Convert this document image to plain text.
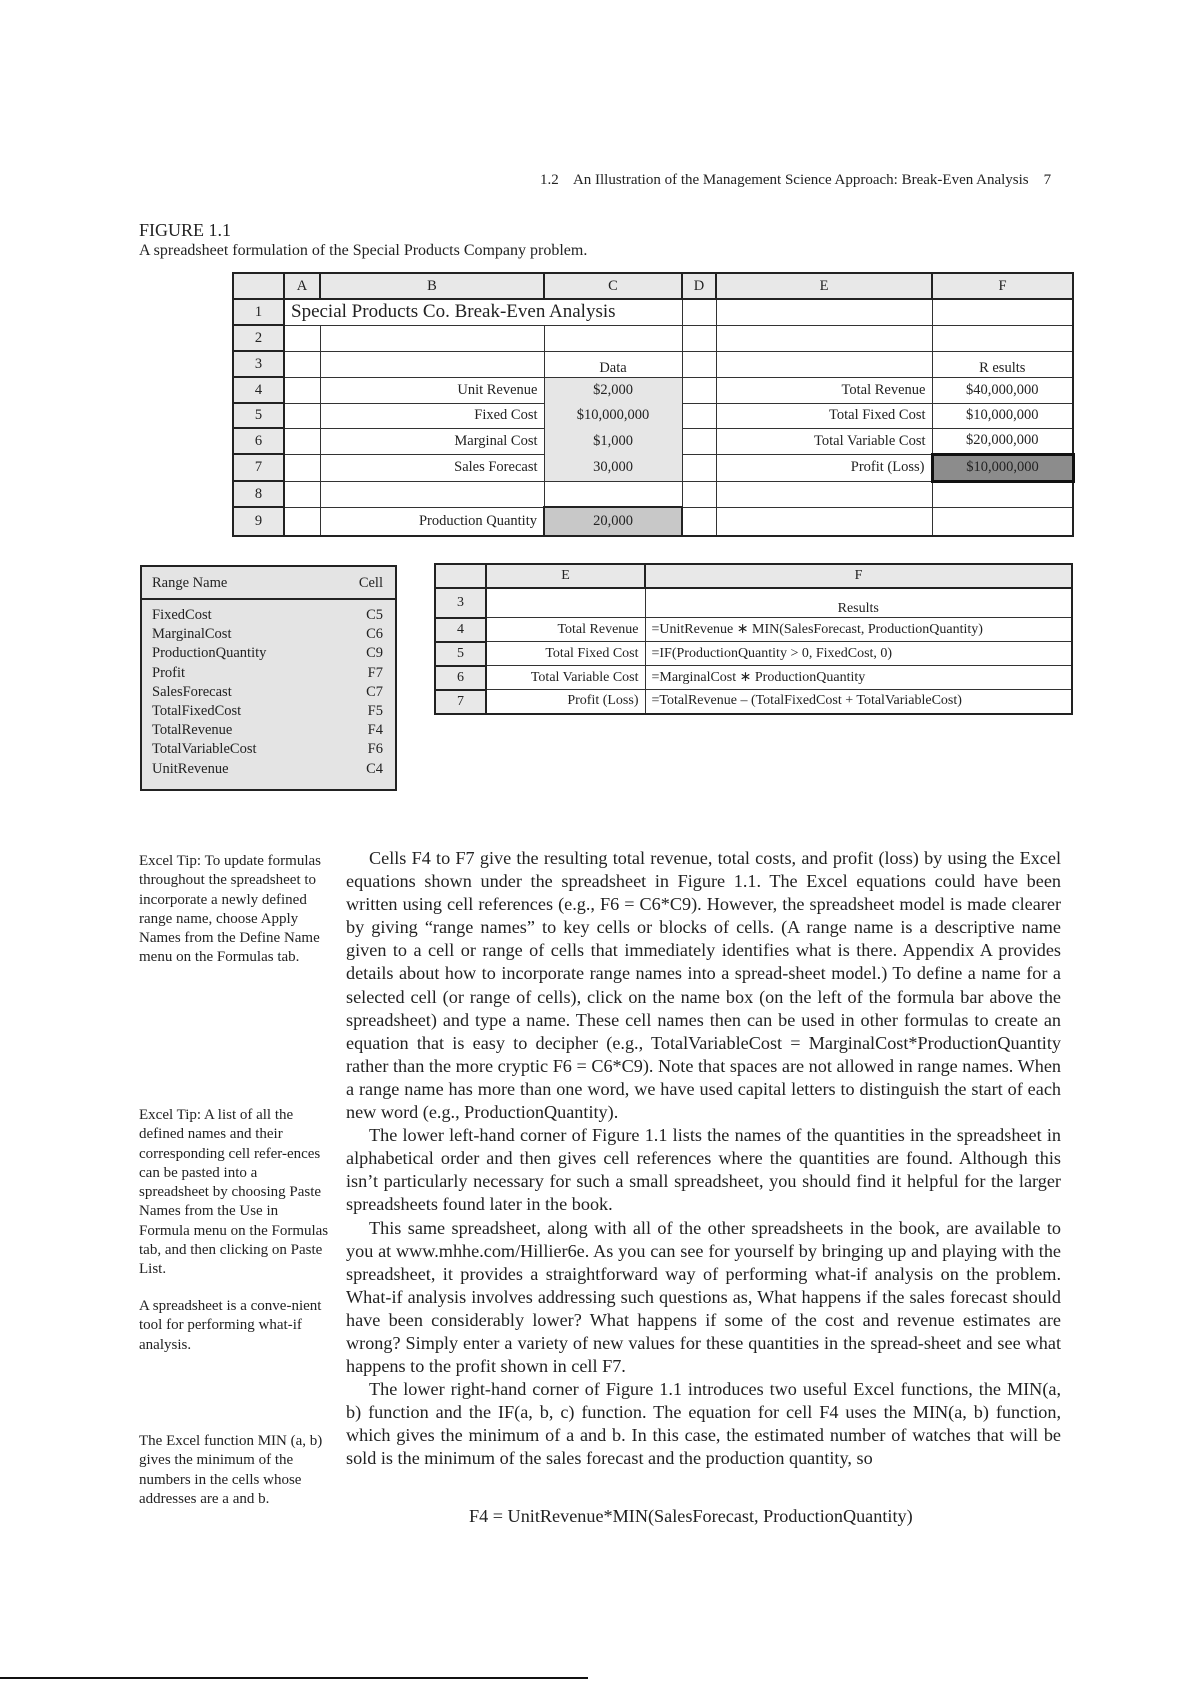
1.2 An Illustration of the Management Science Approach: Break-Even Analysis 7
FIGURE 1.1
A spreadsheet formulation of the Special Products Company problem.
	A	B	C	D	E	F
1	Special Products Co. Break-Even Analysis					
2						
3			Data			R esults
4		Unit Revenue	$2,000		Total Revenue	$40,000,000
5		Fixed Cost	$10,000,000		Total Fixed Cost	$10,000,000
6		Marginal Cost	$1,000		Total Variable Cost	$20,000,000
7		Sales Forecast	30,000		Profit (Loss)	$10,000,000
8						
9		Production Quantity	20,000			
Range Name	Cell
FixedCost	C5
MarginalCost	C6
ProductionQuantity	C9
Profit	F7
SalesForecast	C7
TotalFixedCost	F5
TotalRevenue	F4
TotalVariableCost	F6
UnitRevenue	C4
	E	F
3		Results
4	Total Revenue	=UnitRevenue ∗ MIN(SalesForecast, ProductionQuantity)
5	Total Fixed Cost	=IF(ProductionQuantity > 0, FixedCost, 0)
6	Total Variable Cost	=MarginalCost ∗ ProductionQuantity
7	Profit (Loss)	=TotalRevenue – (TotalFixedCost + TotalVariableCost)
Excel Tip: To update formulas throughout the spreadsheet to incorporate a newly defined range name, choose Apply Names from the Define Name menu on the Formulas tab.
Excel Tip: A list of all the defined names and their corresponding cell refer-ences can be pasted into a spreadsheet by choosing Paste Names from the Use in Formula menu on the Formulas tab, and then clicking on Paste List.
A spreadsheet is a conve-nient tool for performing what-if analysis.
The Excel function MIN (a, b) gives the minimum of the numbers in the cells whose addresses are a and b.

Cells F4 to F7 give the resulting total revenue, total costs, and profit (loss) by using the Excel equations shown under the spreadsheet in Figure 1.1. The Excel equations could have been written using cell references (e.g., F6 = C6*C9). However, the spreadsheet model is made clearer by giving “range names” to key cells or blocks of cells. (A range name is a descriptive name given to a cell or range of cells that immediately identifies what is there. Appendix A provides details about how to incorporate range names into a spread-sheet model.) To define a name for a selected cell (or range of cells), click on the name box (on the left of the formula bar above the spreadsheet) and type a name. These cell names then can be used in other formulas to create an equation that is easy to decipher (e.g., TotalVariableCost = MarginalCost*ProductionQuantity rather than the more cryptic F6 = C6*C9). Note that spaces are not allowed in range names. When a range name has more than one word, we have used capital letters to distinguish the start of each new word (e.g., ProductionQuantity).

The lower left-hand corner of Figure 1.1 lists the names of the quantities in the spreadsheet in alphabetical order and then gives cell references where the quantities are found. Although this isn’t particularly necessary for such a small spreadsheet, you should find it helpful for the larger spreadsheets found later in the book.

This same spreadsheet, along with all of the other spreadsheets in the book, are available to you at www.mhhe.com/Hillier6e. As you can see for yourself by bringing up and playing with the spreadsheet, it provides a straightforward way of performing what-if analysis on the problem. What-if analysis involves addressing such questions as, What happens if the sales forecast should have been considerably lower? What happens if some of the cost and revenue estimates are wrong? Simply enter a variety of new values for these quantities in the spread-sheet and see what happens to the profit shown in cell F7.

The lower right-hand corner of Figure 1.1 introduces two useful Excel functions, the MIN(a, b) function and the IF(a, b, c) function. The equation for cell F4 uses the MIN(a, b) function, which gives the minimum of a and b. In this case, the estimated number of watches that will be sold is the minimum of the sales forecast and the production quantity, so

F4 = UnitRevenue*MIN(SalesForecast, ProductionQuantity)
